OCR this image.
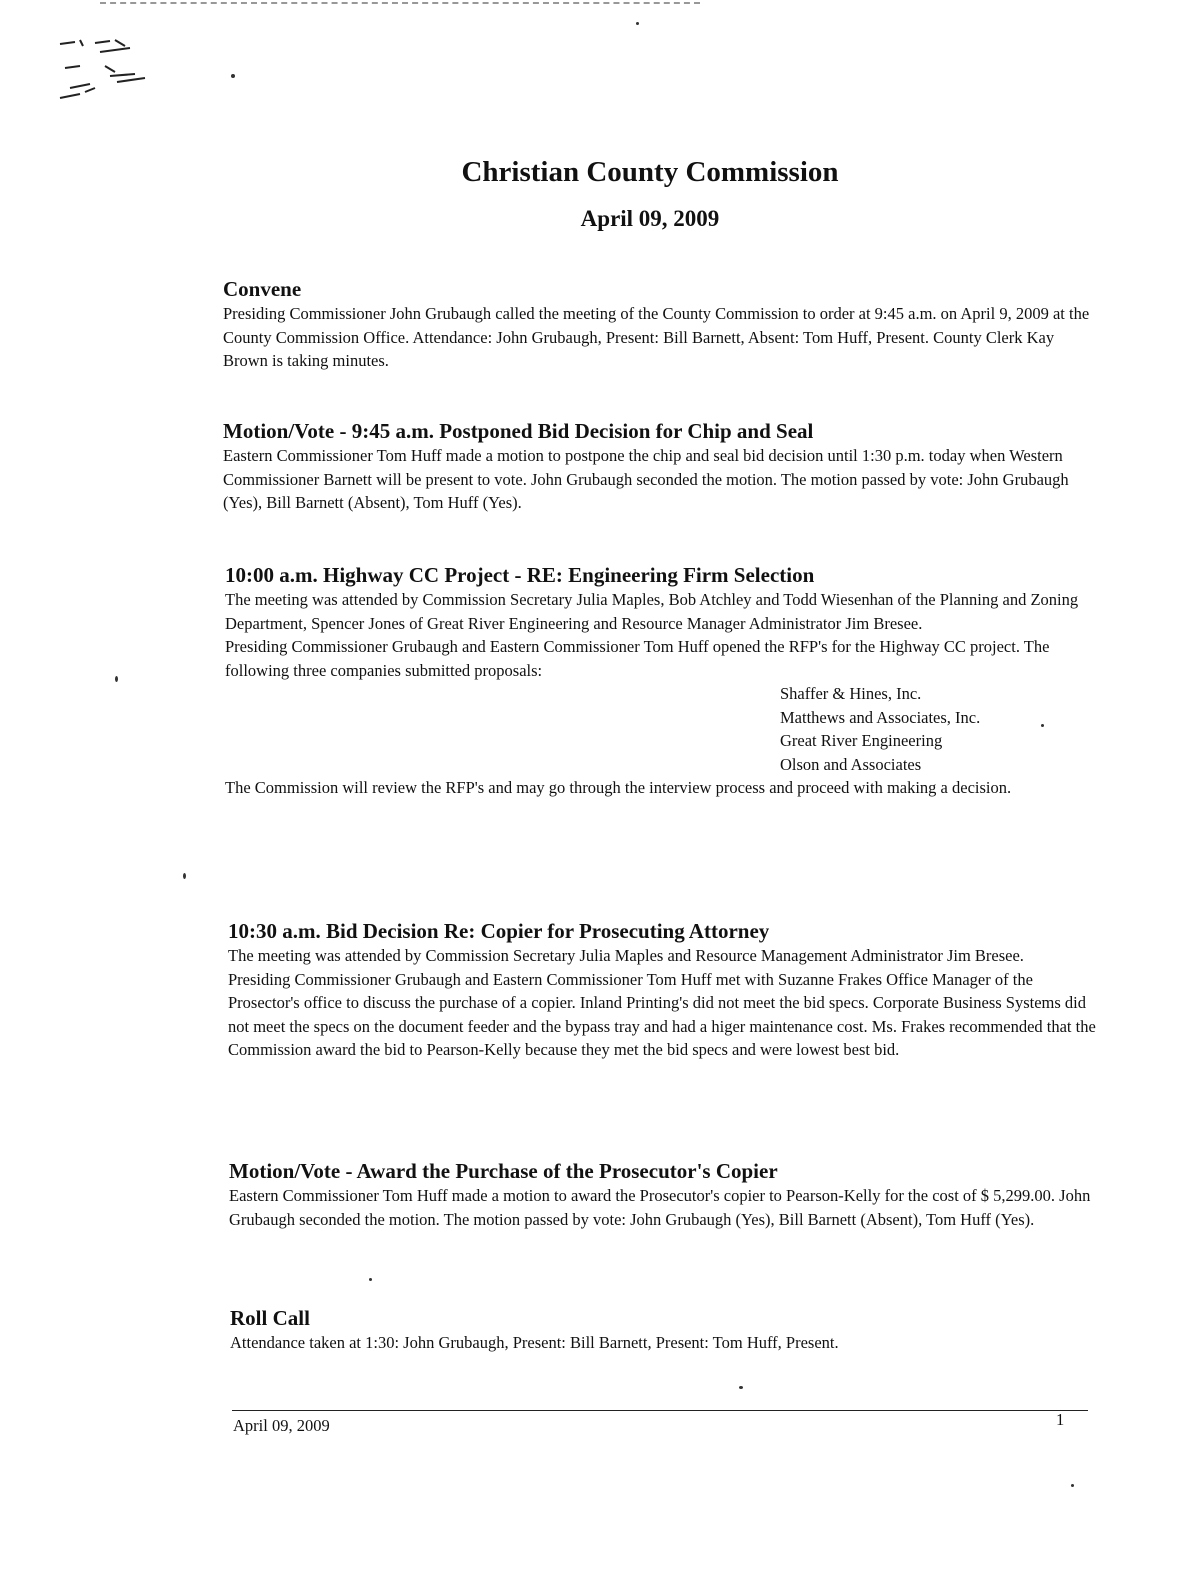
Christian County Commission
April 09, 2009
Convene

Presiding Commissioner John Grubaugh called the meeting of the County Commission to order at 9:45 a.m. on April 9, 2009 at the County Commission Office. Attendance: John Grubaugh, Present: Bill Barnett, Absent: Tom Huff, Present. County Clerk Kay Brown is taking minutes.

Motion/Vote - 9:45 a.m. Postponed Bid Decision for Chip and Seal

Eastern Commissioner Tom Huff made a motion to postpone the chip and seal bid decision until 1:30 p.m. today when Western Commissioner Barnett will be present to vote. John Grubaugh seconded the motion. The motion passed by vote: John Grubaugh (Yes), Bill Barnett (Absent), Tom Huff (Yes).

10:00 a.m. Highway CC Project - RE: Engineering Firm Selection

The meeting was attended by Commission Secretary Julia Maples, Bob Atchley and Todd Wiesenhan of the Planning and Zoning Department, Spencer Jones of Great River Engineering and Resource Manager Administrator Jim Bresee.

Presiding Commissioner Grubaugh and Eastern Commissioner Tom Huff opened the RFP's for the Highway CC project. The following three companies submitted proposals:

Shaffer & Hines, Inc.
Matthews and Associates, Inc.
Great River Engineering
Olson and Associates

The Commission will review the RFP's and may go through the interview process and proceed with making a decision.

10:30 a.m. Bid Decision Re: Copier for Prosecuting Attorney

The meeting was attended by Commission Secretary Julia Maples and Resource Management Administrator Jim Bresee.

Presiding Commissioner Grubaugh and Eastern Commissioner Tom Huff met with Suzanne Frakes Office Manager of the Prosector's office to discuss the purchase of a copier. Inland Printing's did not meet the bid specs. Corporate Business Systems did not meet the specs on the document feeder and the bypass tray and had a higer maintenance cost. Ms. Frakes recommended that the Commission award the bid to Pearson-Kelly because they met the bid specs and were lowest best bid.

Motion/Vote - Award the Purchase of the Prosecutor's Copier

Eastern Commissioner Tom Huff made a motion to award the Prosecutor's copier to Pearson-Kelly for the cost of $ 5,299.00. John Grubaugh seconded the motion. The motion passed by vote: John Grubaugh (Yes), Bill Barnett (Absent), Tom Huff (Yes).

Roll Call

Attendance taken at 1:30: John Grubaugh, Present: Bill Barnett, Present: Tom Huff, Present.

April 09, 2009	1
